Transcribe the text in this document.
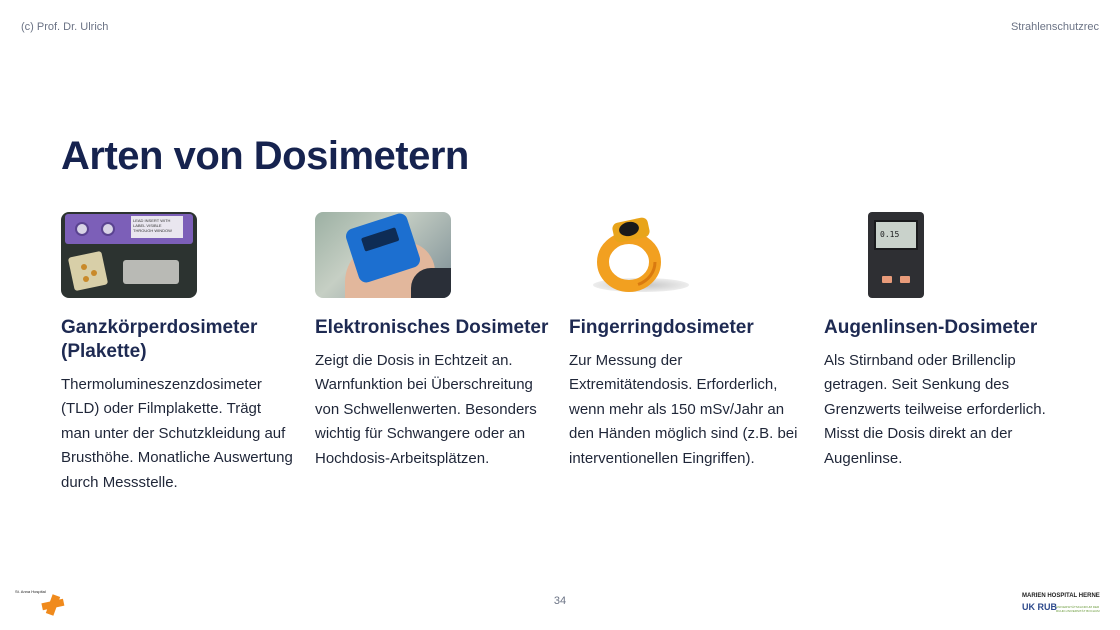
(c) Prof. Dr. Ulrich	Strahlenschutzrec
Arten von Dosimetern
LEAD INSERT WITH LABEL VISIBLE THROUGH WINDOW
Ganzkörperdosimeter (Plakette)
Thermolumineszenzdosimeter (TLD) oder Filmplakette. Trägt man unter der Schutzkleidung auf Brusthöhe. Monatliche Auswertung durch Messstelle.
Elektronisches Dosimeter
Zeigt die Dosis in Echtzeit an. Warnfunktion bei Überschreitung von Schwellenwerten. Besonders wichtig für Schwangere oder an Hochdosis-Arbeitsplätzen.
Fingerringdosimeter
Zur Messung der Extremitätendosis. Erforderlich, wenn mehr als 150 mSv/Jahr an den Händen möglich sind (z.B. bei interventionellen Eingriffen).
0.15
Augenlinsen-Dosimeter
Als Stirnband oder Brillenclip getragen. Seit Senkung des Grenzwerts teilweise erforderlich. Misst die Dosis direkt an der Augenlinse.
St. Anna Hospital
34	MARIEN HOSPITAL HERNE
UK RUB UNIVERSITÄTSKLINIKUM DER RUHR-UNIVERSITÄT BOCHUM
